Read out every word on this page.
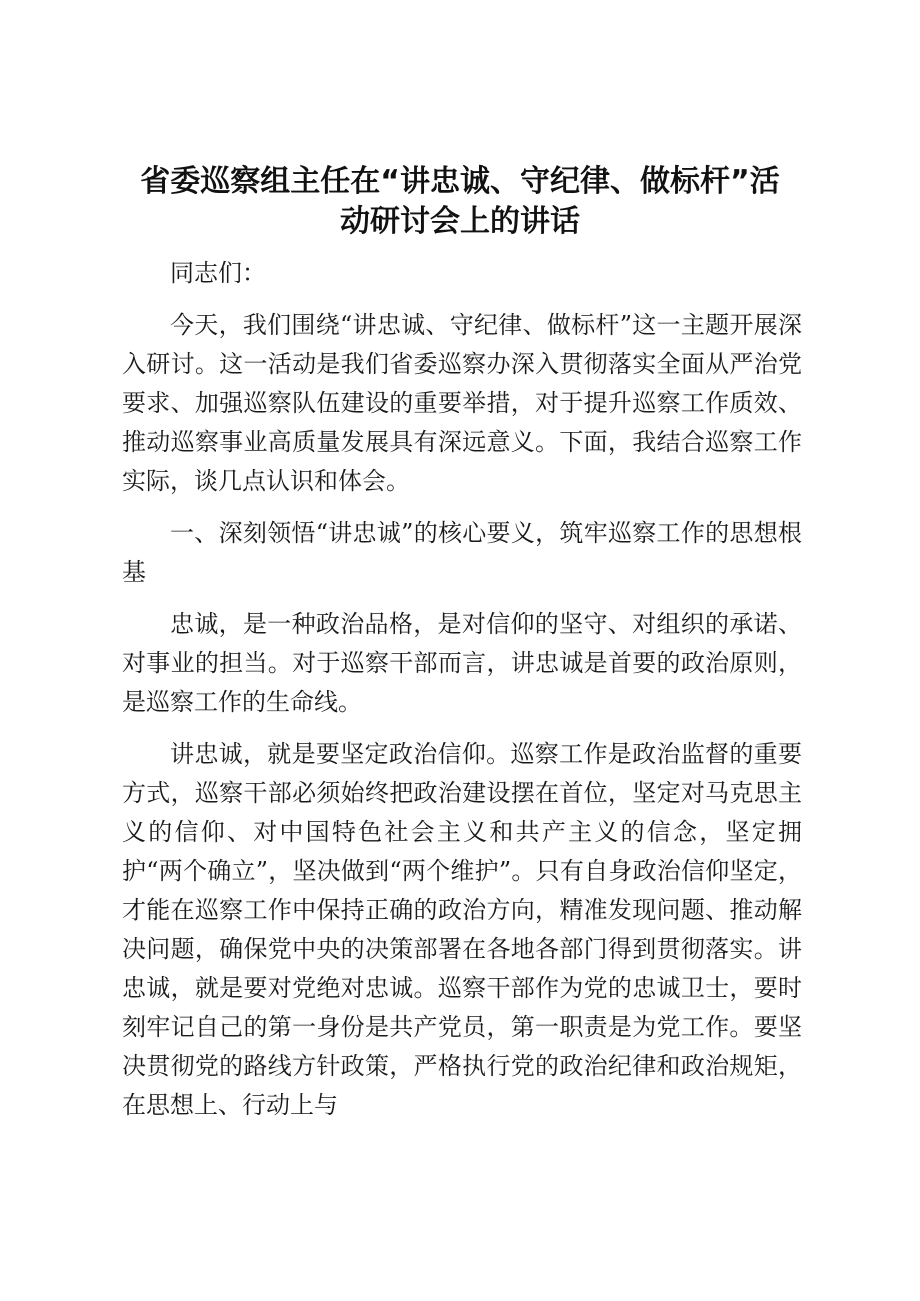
省委巡察组主任在“讲忠诚、守纪律、做标杆”活
动研讨会上的讲话

同志们：

今天，我们围绕“讲忠诚、守纪律、做标杆”这一主题开展深入研讨。这一活动是我们省委巡察办深入贯彻落实全面从严治党要求、加强巡察队伍建设的重要举措，对于提升巡察工作质效、推动巡察事业高质量发展具有深远意义。下面，我结合巡察工作实际，谈几点认识和体会。

一、深刻领悟“讲忠诚”的核心要义，筑牢巡察工作的思想根基

忠诚，是一种政治品格，是对信仰的坚守、对组织的承诺、对事业的担当。对于巡察干部而言，讲忠诚是首要的政治原则，是巡察工作的生命线。

讲忠诚，就是要坚定政治信仰。巡察工作是政治监督的重要方式，巡察干部必须始终把政治建设摆在首位，坚定对马克思主义的信仰、对中国特色社会主义和共产主义的信念，坚定拥护“两个确立”，坚决做到“两个维护”。只有自身政治信仰坚定，才能在巡察工作中保持正确的政治方向，精准发现问题、推动解决问题，确保党中央的决策部署在各地各部门得到贯彻落实。讲忠诚，就是要对党绝对忠诚。巡察干部作为党的忠诚卫士，要时刻牢记自己的第一身份是共产党员，第一职责是为党工作。要坚决贯彻党的路线方针政策，严格执行党的政治纪律和政治规矩，在思想上、行动上与
